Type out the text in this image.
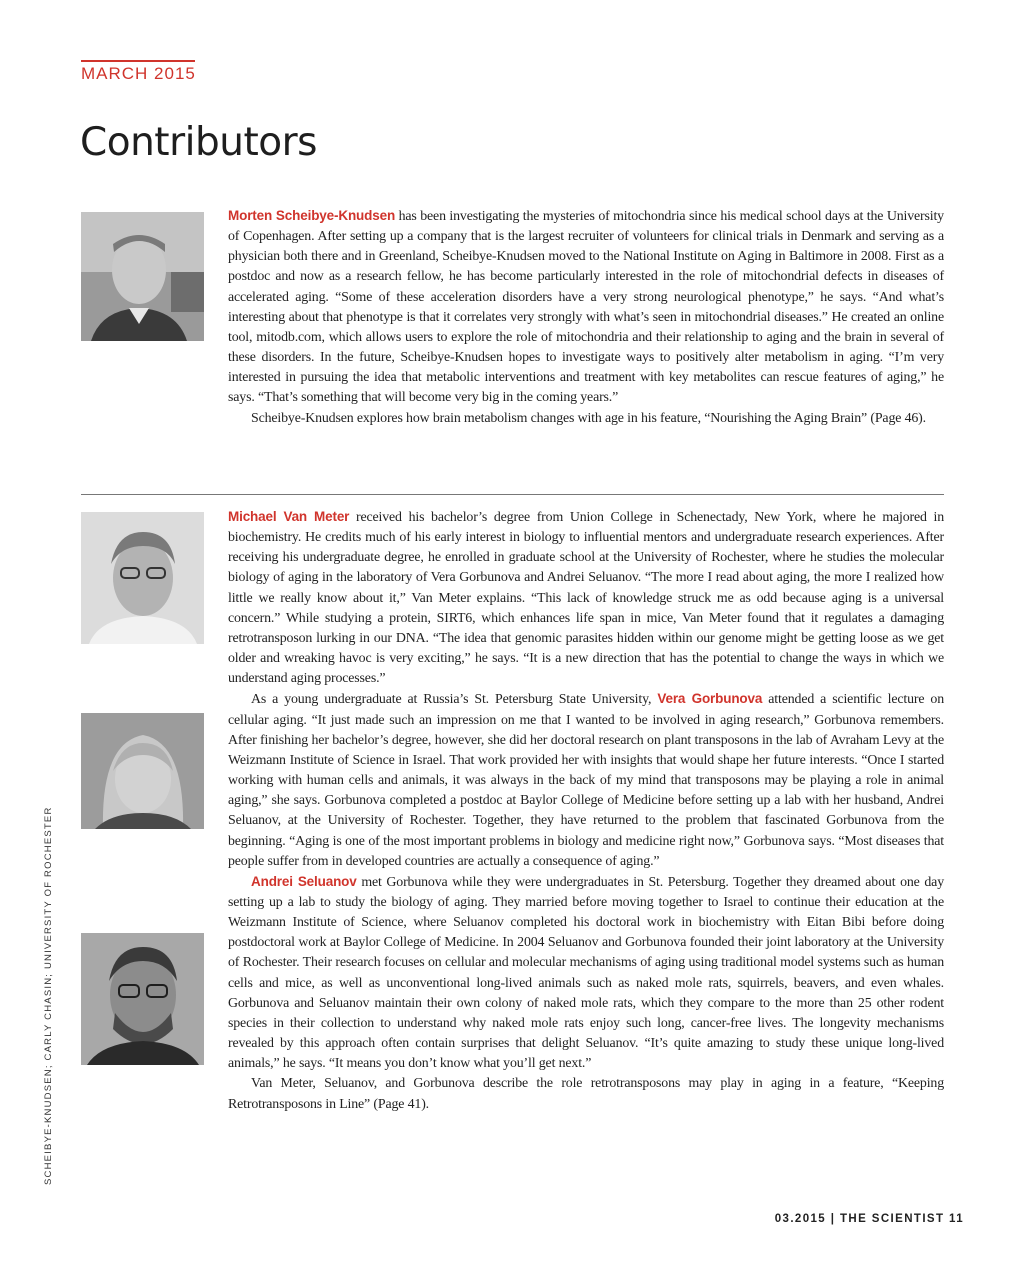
MARCH 2015
Contributors

Morten Scheibye-Knudsen has been investigating the mysteries of mitochondria since his medical school days at the University of Copenhagen. After setting up a company that is the largest recruiter of volunteers for clinical trials in Denmark and serving as a physician both there and in Greenland, Scheibye-Knudsen moved to the National Institute on Aging in Baltimore in 2008. First as a postdoc and now as a research fellow, he has become particularly interested in the role of mitochondrial defects in diseases of accelerated aging. “Some of these acceleration disorders have a very strong neurological phenotype,” he says. “And what’s interesting about that phenotype is that it correlates very strongly with what’s seen in mitochondrial diseases.” He created an online tool, mitodb.com, which allows users to explore the role of mitochondria and their relationship to aging and the brain in several of these disorders. In the future, Scheibye-Knudsen hopes to investigate ways to positively alter metabolism in aging. “I’m very interested in pursuing the idea that metabolic interventions and treatment with key metabolites can rescue features of aging,” he says. “That’s something that will become very big in the coming years.”

Scheibye-Knudsen explores how brain metabolism changes with age in his feature, “Nourishing the Aging Brain” (Page 46).

Michael Van Meter received his bachelor’s degree from Union College in Schenectady, New York, where he majored in biochemistry. He credits much of his early interest in biology to influential mentors and undergraduate research experiences. After receiving his undergraduate degree, he enrolled in graduate school at the University of Rochester, where he studies the molecular biology of aging in the laboratory of Vera Gorbunova and Andrei Seluanov. “The more I read about aging, the more I realized how little we really know about it,” Van Meter explains. “This lack of knowledge struck me as odd because aging is a universal concern.” While studying a protein, SIRT6, which enhances life span in mice, Van Meter found that it regulates a damaging retrotransposon lurking in our DNA. “The idea that genomic parasites hidden within our genome might be getting loose as we get older and wreaking havoc is very exciting,” he says. “It is a new direction that has the potential to change the ways in which we understand aging processes.”

As a young undergraduate at Russia’s St. Petersburg State University, Vera Gorbunova attended a scientific lecture on cellular aging. “It just made such an impression on me that I wanted to be involved in aging research,” Gorbunova remembers. After finishing her bachelor’s degree, however, she did her doctoral research on plant transposons in the lab of Avraham Levy at the Weizmann Institute of Science in Israel. That work provided her with insights that would shape her future interests. “Once I started working with human cells and animals, it was always in the back of my mind that transposons may be playing a role in animal aging,” she says. Gorbunova completed a postdoc at Baylor College of Medicine before setting up a lab with her husband, Andrei Seluanov, at the University of Rochester. Together, they have returned to the problem that fascinated Gorbunova from the beginning. “Aging is one of the most important problems in biology and medicine right now,” Gorbunova says. “Most diseases that people suffer from in developed countries are actually a consequence of aging.”

Andrei Seluanov met Gorbunova while they were undergraduates in St. Petersburg. Together they dreamed about one day setting up a lab to study the biology of aging. They married before moving together to Israel to continue their education at the Weizmann Institute of Science, where Seluanov completed his doctoral work in biochemistry with Eitan Bibi before doing postdoctoral work at Baylor College of Medicine. In 2004 Seluanov and Gorbunova founded their joint laboratory at the University of Rochester. Their research focuses on cellular and molecular mechanisms of aging using traditional model systems such as human cells and mice, as well as unconventional long-lived animals such as naked mole rats, squirrels, beavers, and even whales. Gorbunova and Seluanov maintain their own colony of naked mole rats, which they compare to the more than 25 other rodent species in their collection to understand why naked mole rats enjoy such long, cancer-free lives. The longevity mechanisms revealed by this approach often contain surprises that delight Seluanov. “It’s quite amazing to study these unique long-lived animals,” he says. “It means you don’t know what you’ll get next.”

Van Meter, Seluanov, and Gorbunova describe the role retrotransposons may play in aging in a feature, “Keeping Retrotransposons in Line” (Page 41).

SCHEIBYE-KNUDSEN; CARLY CHASIN; UNIVERSITY OF ROCHESTER
03.2015 | THE SCIENTIST 11
